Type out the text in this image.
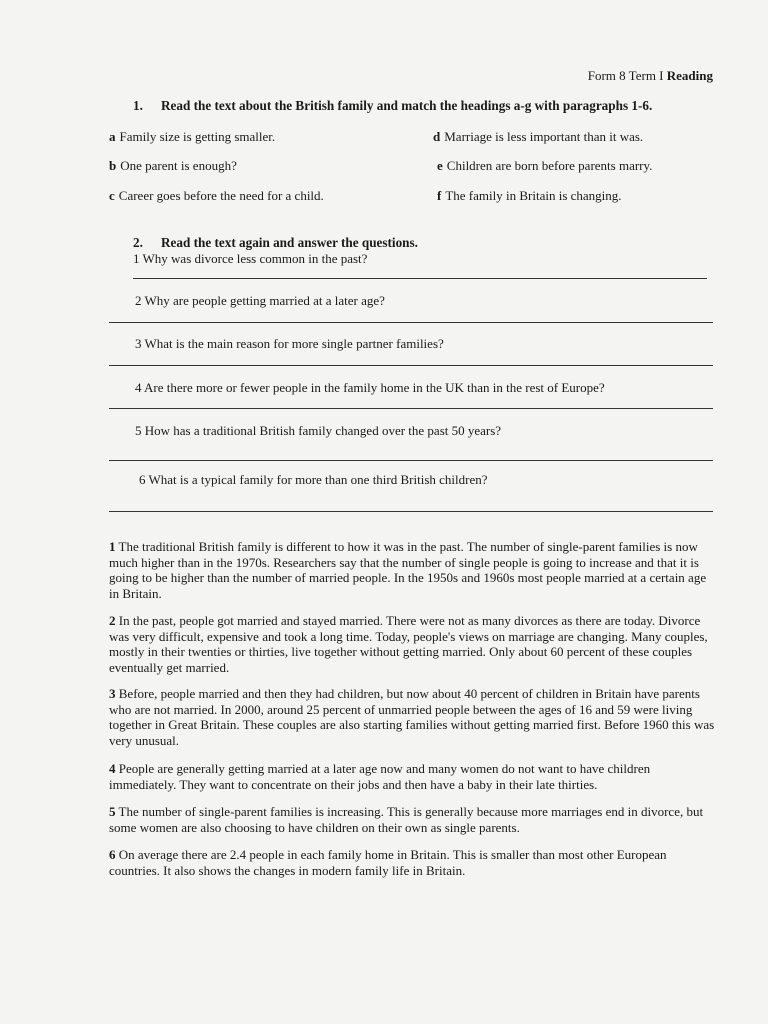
Form 8 Term I Reading
1. Read the text about the British family and match the headings a-g with paragraphs 1-6.
a Family size is getting smaller.
b One parent is enough?
c Career goes before the need for a child.
d Marriage is less important than it was.
e Children are born before parents marry.
f The family in Britain is changing.
2. Read the text again and answer the questions.
1 Why was divorce less common in the past?
2 Why are people getting married at a later age?
3 What is the main reason for more single partner families?
4 Are there more or fewer people in the family home in the UK than in the rest of Europe?
5 How has a traditional British family changed over the past 50 years?
6 What is a typical family for more than one third British children?
1 The traditional British family is different to how it was in the past. The number of single-parent families is now much higher than in the 1970s. Researchers say that the number of single people is going to increase and that it is going to be higher than the number of married people. In the 1950s and 1960s most people married at a certain age in Britain.
2 In the past, people got married and stayed married. There were not as many divorces as there are today. Divorce was very difficult, expensive and took a long time. Today, people's views on marriage are changing. Many couples, mostly in their twenties or thirties, live together without getting married. Only about 60 percent of these couples eventually get married.
3 Before, people married and then they had children, but now about 40 percent of children in Britain have parents who are not married. In 2000, around 25 percent of unmarried people between the ages of 16 and 59 were living together in Great Britain. These couples are also starting families without getting married first. Before 1960 this was very unusual.
4 People are generally getting married at a later age now and many women do not want to have children immediately. They want to concentrate on their jobs and then have a baby in their late thirties.
5 The number of single-parent families is increasing. This is generally because more marriages end in divorce, but some women are also choosing to have children on their own as single parents.
6 On average there are 2.4 people in each family home in Britain. This is smaller than most other European countries. It also shows the changes in modern family life in Britain.
